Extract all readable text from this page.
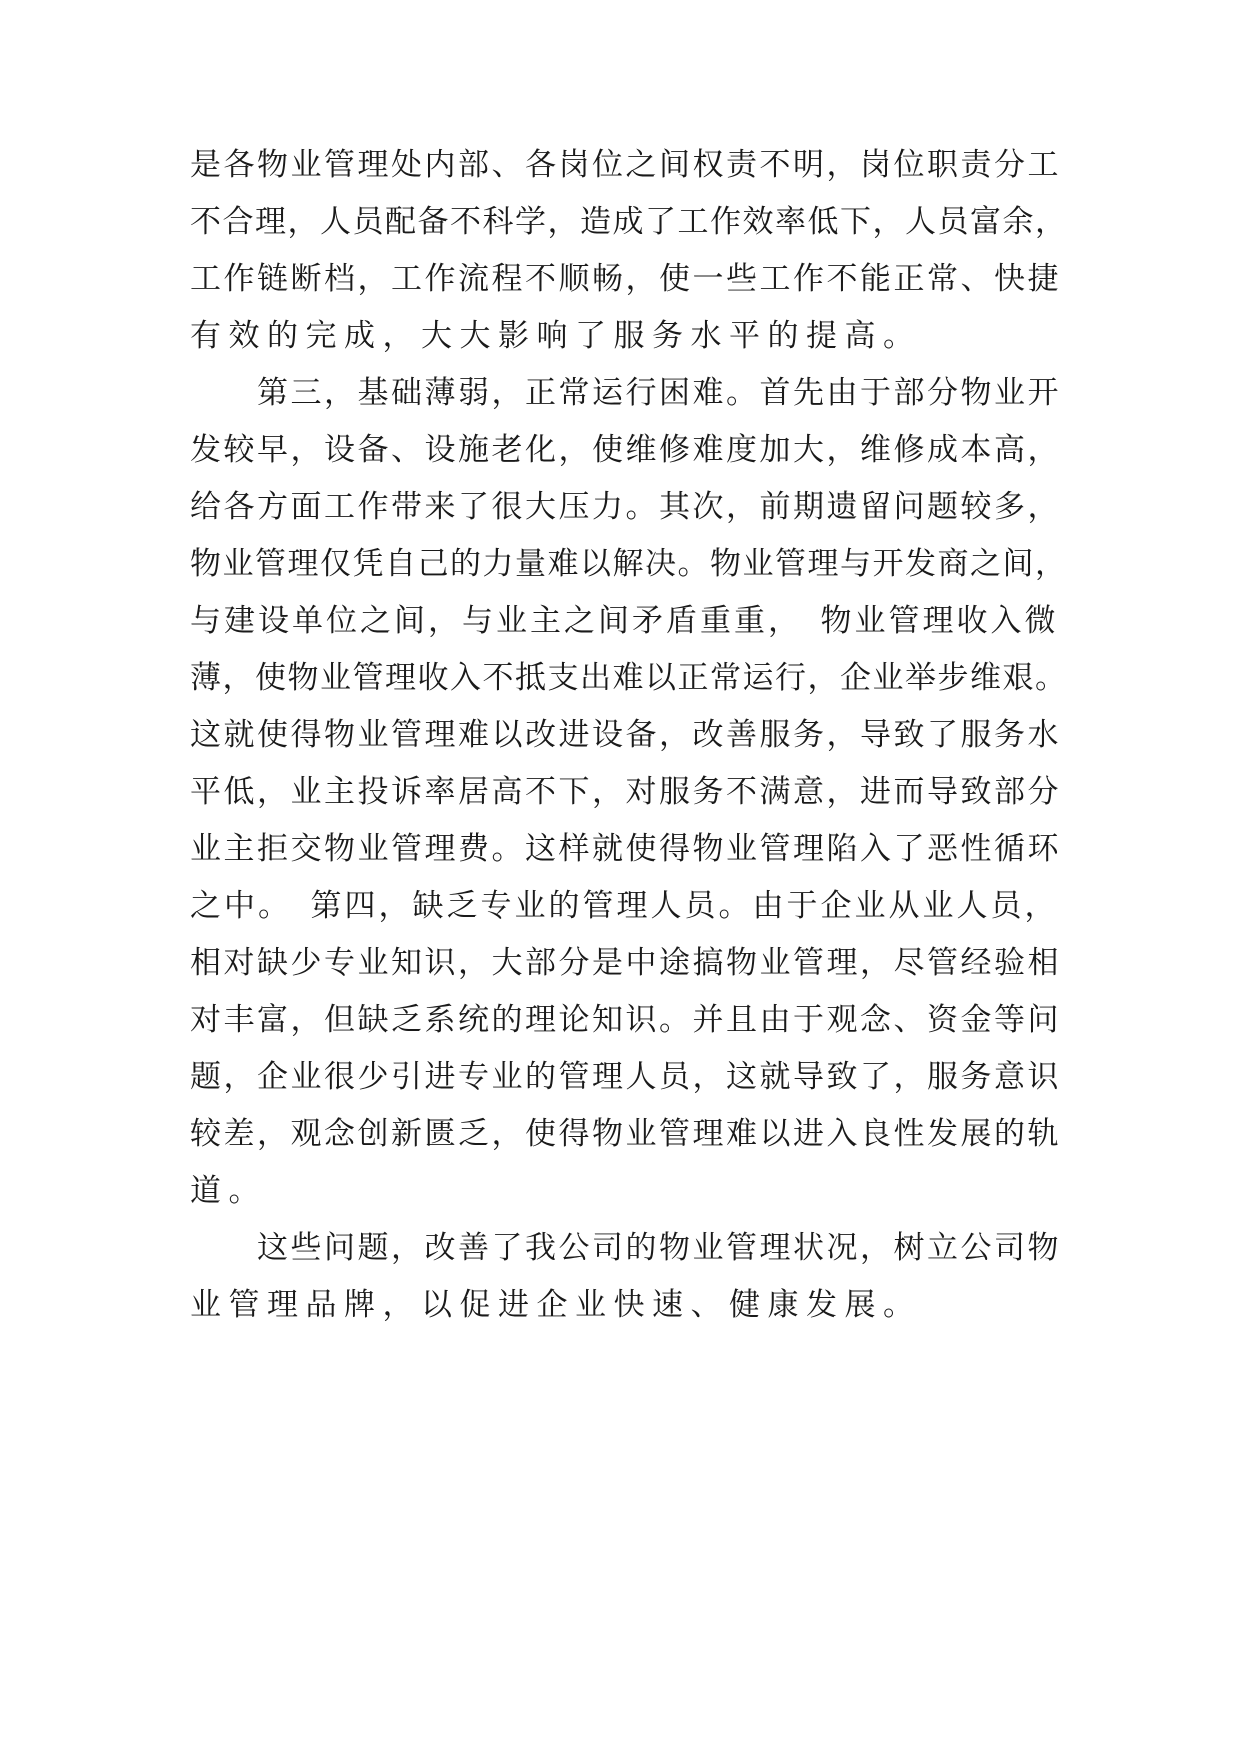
是各物业管理处内部、各岗位之间权责不明，岗位职责分工
不合理，人员配备不科学，造成了工作效率低下，人员富余，
工作链断档，工作流程不顺畅，使一些工作不能正常、快捷
有效的完成，大大影响了服务水平的提高。
　　第三，基础薄弱，正常运行困难。首先由于部分物业开
发较早，设备、设施老化，使维修难度加大，维修成本高，
给各方面工作带来了很大压力。其次，前期遗留问题较多，
物业管理仅凭自己的力量难以解决。物业管理与开发商之间，
与建设单位之间，与业主之间矛盾重重，　物业管理收入微
薄，使物业管理收入不抵支出难以正常运行，企业举步维艰。
这就使得物业管理难以改进设备，改善服务，导致了服务水
平低，业主投诉率居高不下，对服务不满意，进而导致部分
业主拒交物业管理费。这样就使得物业管理陷入了恶性循环
之中。　第四，缺乏专业的管理人员。由于企业从业人员，
相对缺少专业知识，大部分是中途搞物业管理，尽管经验相
对丰富，但缺乏系统的理论知识。并且由于观念、资金等问
题，企业很少引进专业的管理人员，这就导致了，服务意识
较差，观念创新匮乏，使得物业管理难以进入良性发展的轨
道。
　　这些问题，改善了我公司的物业管理状况，树立公司物
业管理品牌，以促进企业快速、健康发展。
